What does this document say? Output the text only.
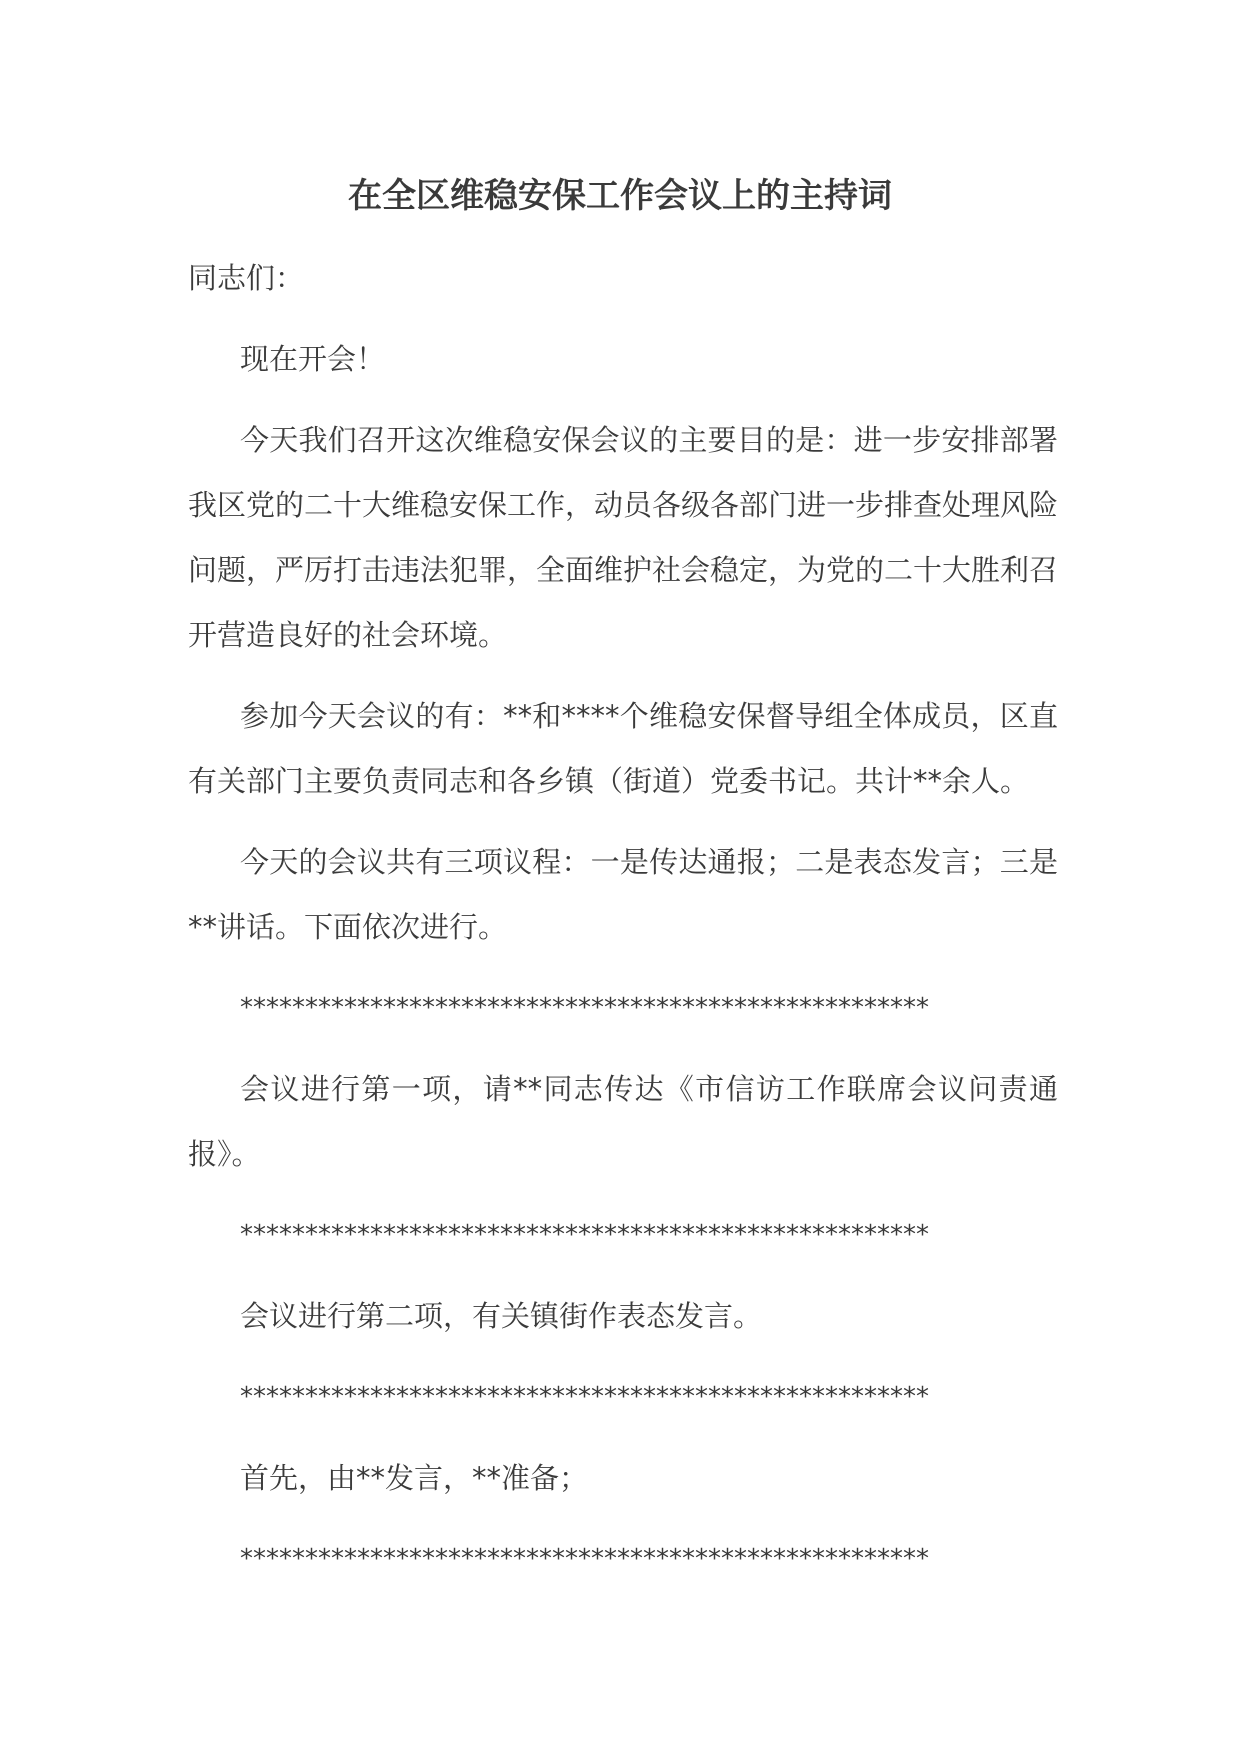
在全区维稳安保工作会议上的主持词

同志们：

现在开会！

今天我们召开这次维稳安保会议的主要目的是：进一步安排部署我区党的二十大维稳安保工作，动员各级各部门进一步排查处理风险问题，严厉打击违法犯罪，全面维护社会稳定，为党的二十大胜利召开营造良好的社会环境。

参加今天会议的有：**和****个维稳安保督导组全体成员，区直有关部门主要负责同志和各乡镇（街道）党委书记。共计**余人。

今天的会议共有三项议程：一是传达通报；二是表态发言；三是**讲话。下面依次进行。

*****************************************************

会议进行第一项，请**同志传达《市信访工作联席会议问责通报》。

*****************************************************

会议进行第二项，有关镇街作表态发言。

*****************************************************

首先，由**发言，**准备；

*****************************************************
